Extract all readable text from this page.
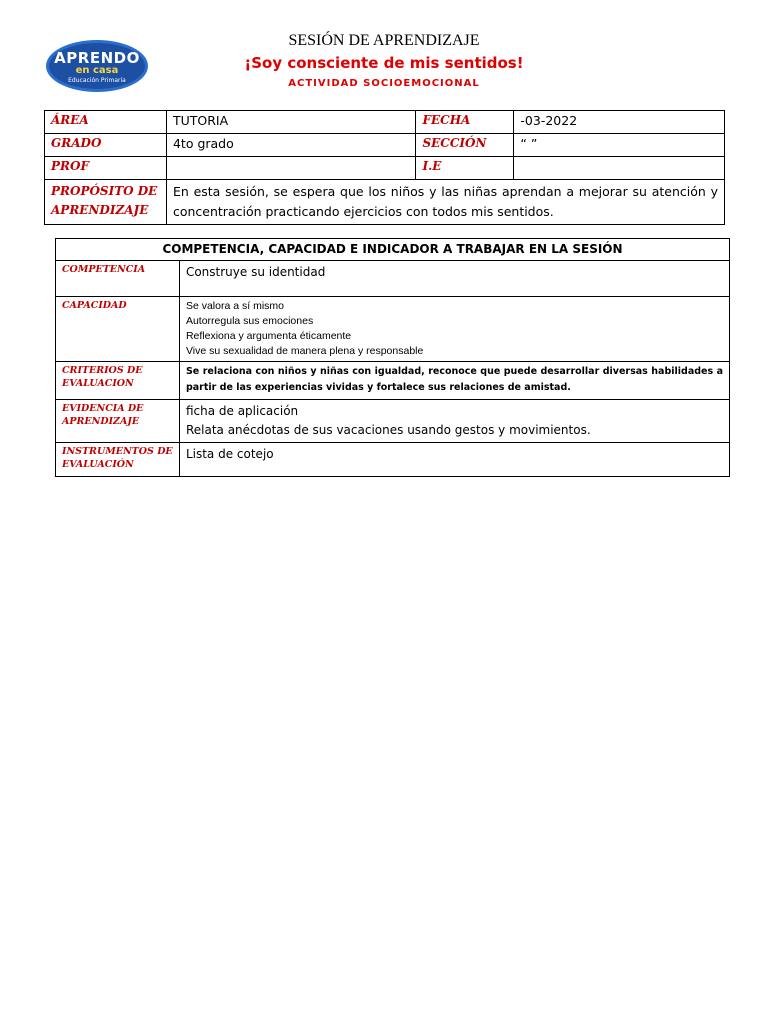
APRENDO
en casa
Educación Primaria
SESIÓN DE APRENDIZAJE
¡Soy consciente de mis sentidos!
ACTIVIDAD SOCIOEMOCIONAL
ÁREA	TUTORIA	FECHA	-03-2022
GRADO	4to grado	SECCIÓN	“ ”
PROF		I.E	
PROPÓSITO DE APRENDIZAJE	En esta sesión, se espera que los niños y las niñas aprendan a mejorar su atención y concentración practicando ejercicios con todos mis sentidos.		
COMPETENCIA, CAPACIDAD E INDICADOR A TRABAJAR EN LA SESIÓN	
COMPETENCIA	Construye su identidad
CAPACIDAD	Se valora a sí mismo
Autorregula sus emociones
Reflexiona y argumenta éticamente
Vive su sexualidad de manera plena y responsable

CRITERIOS DE EVALUACION	Se relaciona con niños y niñas con igualdad, reconoce que puede desarrollar diversas habilidades a partir de las experiencias vividas y fortalece sus relaciones de amistad.
EVIDENCIA DE APRENDIZAJE	ficha de aplicación
Relata anécdotas de sus vacaciones usando gestos y movimientos.

INSTRUMENTOS DE EVALUACIÓN	Lista de cotejo
